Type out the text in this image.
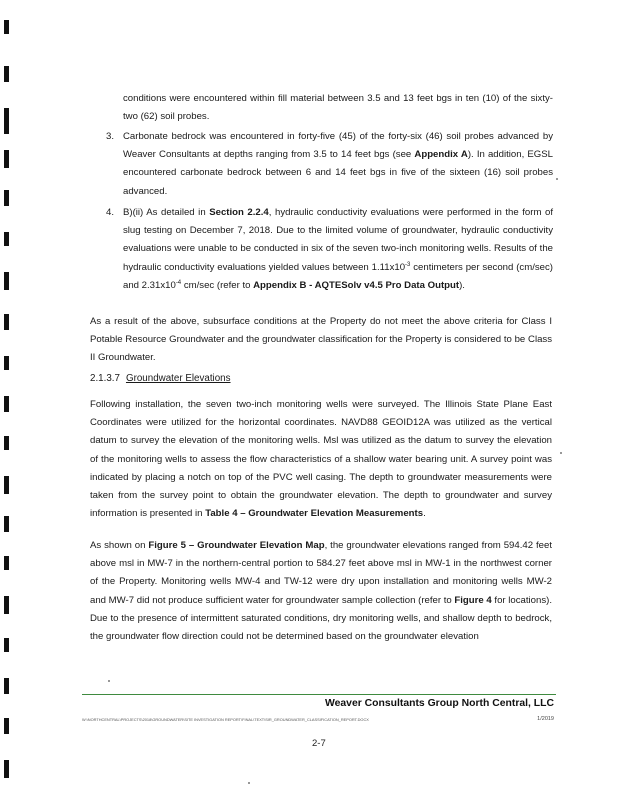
conditions were encountered within fill material between 3.5 and 13 feet bgs in ten (10) of the sixty-two (62) soil probes.
3. Carbonate bedrock was encountered in forty-five (45) of the forty-six (46) soil probes advanced by Weaver Consultants at depths ranging from 3.5 to 14 feet bgs (see Appendix A). In addition, EGSL encountered carbonate bedrock between 6 and 14 feet bgs in five of the sixteen (16) soil probes advanced.
4. B)(ii) As detailed in Section 2.2.4, hydraulic conductivity evaluations were performed in the form of slug testing on December 7, 2018. Due to the limited volume of groundwater, hydraulic conductivity evaluations were unable to be conducted in six of the seven two-inch monitoring wells. Results of the hydraulic conductivity evaluations yielded values between $1.11x10^{-3}$ centimeters per second (cm/sec) and $2.31x10^{-4}$ cm/sec (refer to Appendix B - AQTESolv v4.5 Pro Data Output).
As a result of the above, subsurface conditions at the Property do not meet the above criteria for Class I Potable Resource Groundwater and the groundwater classification for the Property is considered to be Class II Groundwater.
2.1.3.7 Groundwater Elevations
Following installation, the seven two-inch monitoring wells were surveyed. The Illinois State Plane East Coordinates were utilized for the horizontal coordinates. NAVD88 GEOID12A was utilized as the vertical datum to survey the elevation of the monitoring wells. Msl was utilized as the datum to survey the elevation of the monitoring wells to assess the flow characteristics of a shallow water bearing unit. A survey point was indicated by placing a notch on top of the PVC well casing. The depth to groundwater measurements were taken from the survey point to obtain the groundwater elevation. The depth to groundwater and survey information is presented in Table 4 – Groundwater Elevation Measurements.
As shown on Figure 5 – Groundwater Elevation Map, the groundwater elevations ranged from 594.42 feet above msl in MW-7 in the northern-central portion to 584.27 feet above msl in MW-1 in the northwest corner of the Property. Monitoring wells MW-4 and TW-12 were dry upon installation and monitoring wells MW-2 and MW-7 did not produce sufficient water for groundwater sample collection (refer to Figure 4 for locations). Due to the presence of intermittent saturated conditions, dry monitoring wells, and shallow depth to bedrock, the groundwater flow direction could not be determined based on the groundwater elevation
Weaver Consultants Group North Central, LLC
W:\NORTHCENTRAL\PROJECTS\2018\GROUNDWATER\SITE INVESTIGATION REPORT\FINAL\TEXT\SIR_GROUNDWATER_CLASSIFICATION_REPORT.DOCX	1/2019
2-7
